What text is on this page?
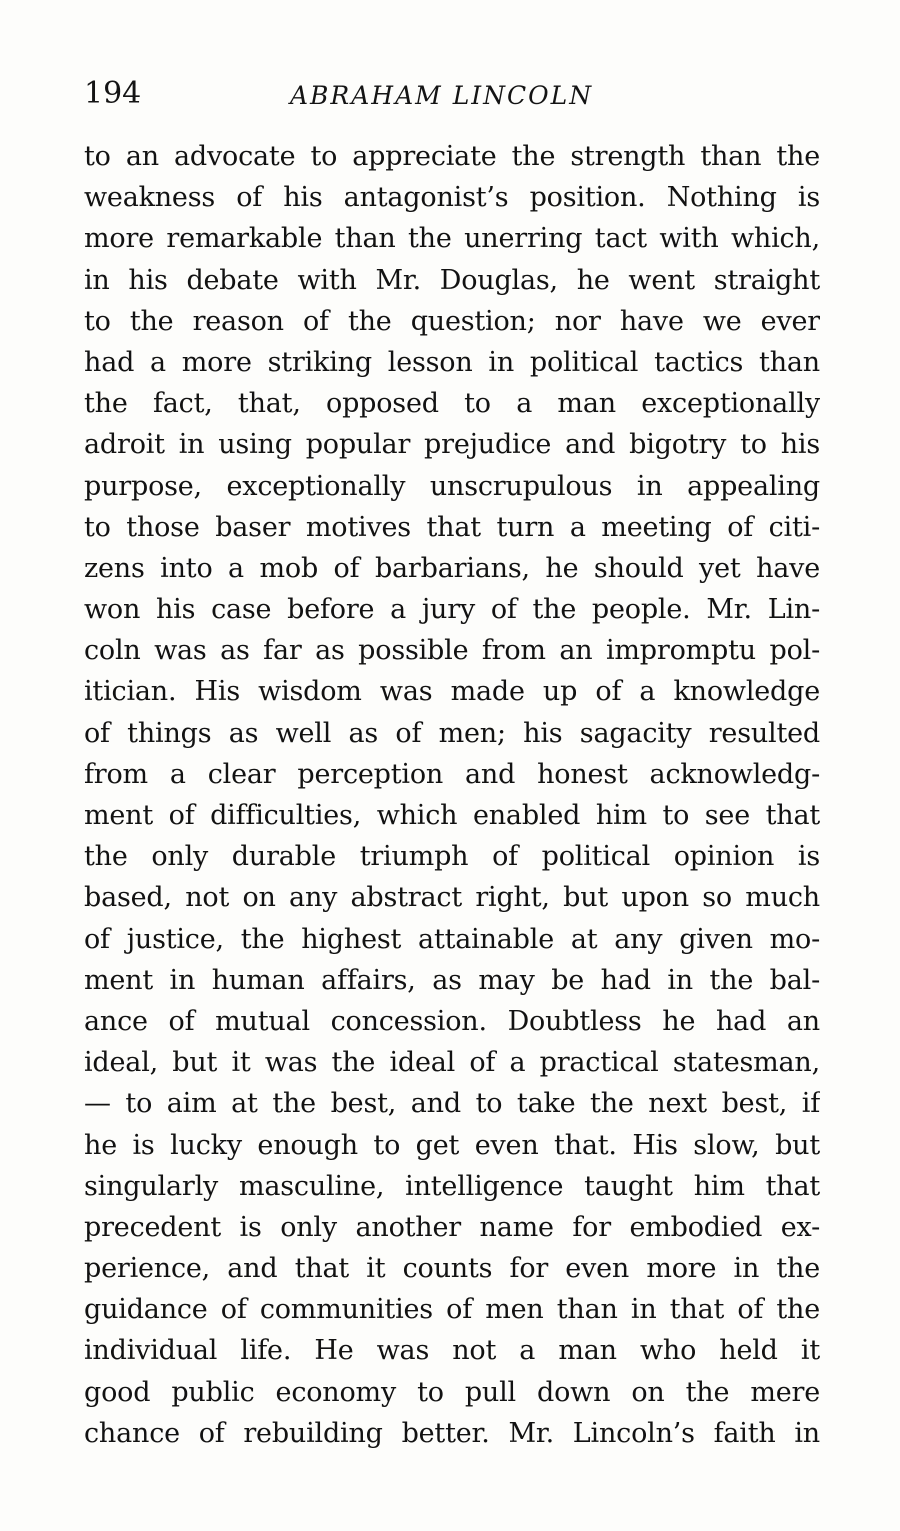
194	ABRAHAM LINCOLN
to an advocate to appreciate the strength than the
weakness of his antagonist’s position. Nothing is
more remarkable than the unerring tact with which,
in his debate with Mr. Douglas, he went straight
to the reason of the question; nor have we ever
had a more striking lesson in political tactics than
the fact, that, opposed to a man exceptionally
adroit in using popular prejudice and bigotry to his
purpose, exceptionally unscrupulous in appealing
to those baser motives that turn a meeting of citi-
zens into a mob of barbarians, he should yet have
won his case before a jury of the people. Mr. Lin-
coln was as far as possible from an impromptu pol-
itician. His wisdom was made up of a knowledge
of things as well as of men; his sagacity resulted
from a clear perception and honest acknowledg-
ment of difficulties, which enabled him to see that
the only durable triumph of political opinion is
based, not on any abstract right, but upon so much
of justice, the highest attainable at any given mo-
ment in human affairs, as may be had in the bal-
ance of mutual concession. Doubtless he had an
ideal, but it was the ideal of a practical statesman,
— to aim at the best, and to take the next best, if
he is lucky enough to get even that. His slow, but
singularly masculine, intelligence taught him that
precedent is only another name for embodied ex-
perience, and that it counts for even more in the
guidance of communities of men than in that of the
individual life. He was not a man who held it
good public economy to pull down on the mere
chance of rebuilding better. Mr. Lincoln’s faith in
